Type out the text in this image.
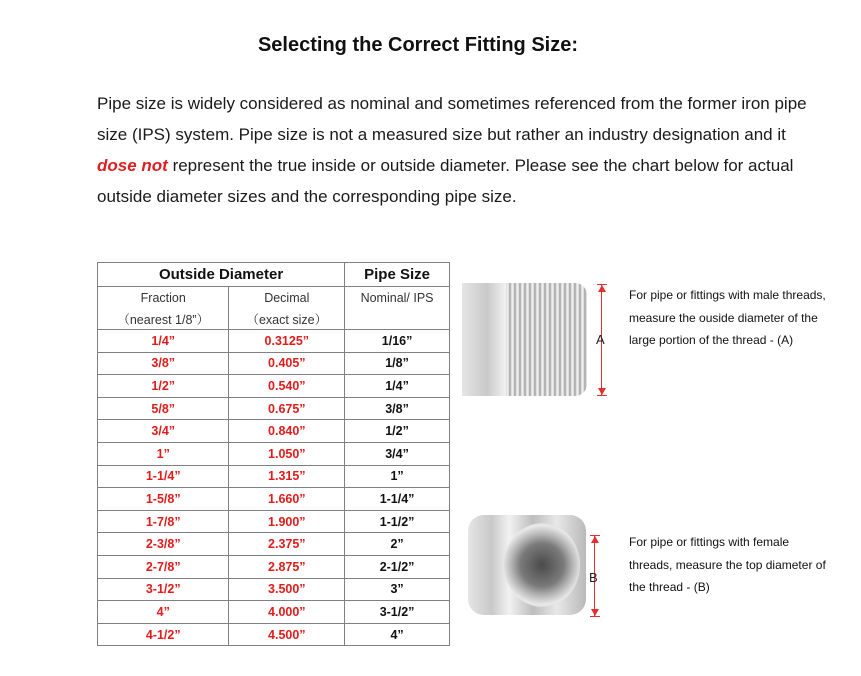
Selecting the Correct Fitting Size:
Pipe size is widely considered as nominal and sometimes referenced from the former iron pipe size (IPS) system. Pipe size is not a measured size but rather an industry designation and it dose not represent the true inside or outside diameter. Please see the chart below for actual outside diameter sizes and the corresponding pipe size.
Outside Diameter		Pipe Size
Fraction	Decimal	Nominal/ IPS
（nearest 1/8”）	（exact size）	
1/4”	0.3125”	1/16”
3/8”	0.405”	1/8”
1/2”	0.540”	1/4”
5/8”	0.675”	3/8”
3/4”	0.840”	1/2”
1”	1.050”	3/4”
1-1/4”	1.315”	1”
1-5/8”	1.660”	1-1/4”
1-7/8”	1.900”	1-1/2”
2-3/8”	2.375”	2”
2-7/8”	2.875”	2-1/2”
3-1/2”	3.500”	3”
4”	4.000”	3-1/2”
4-1/2”	4.500”	4”
A
For pipe or fittings with male threads, measure the ouside diameter of the large portion of the thread - (A)
B
For pipe or fittings with female threads, measure the top diameter of the thread - (B)
